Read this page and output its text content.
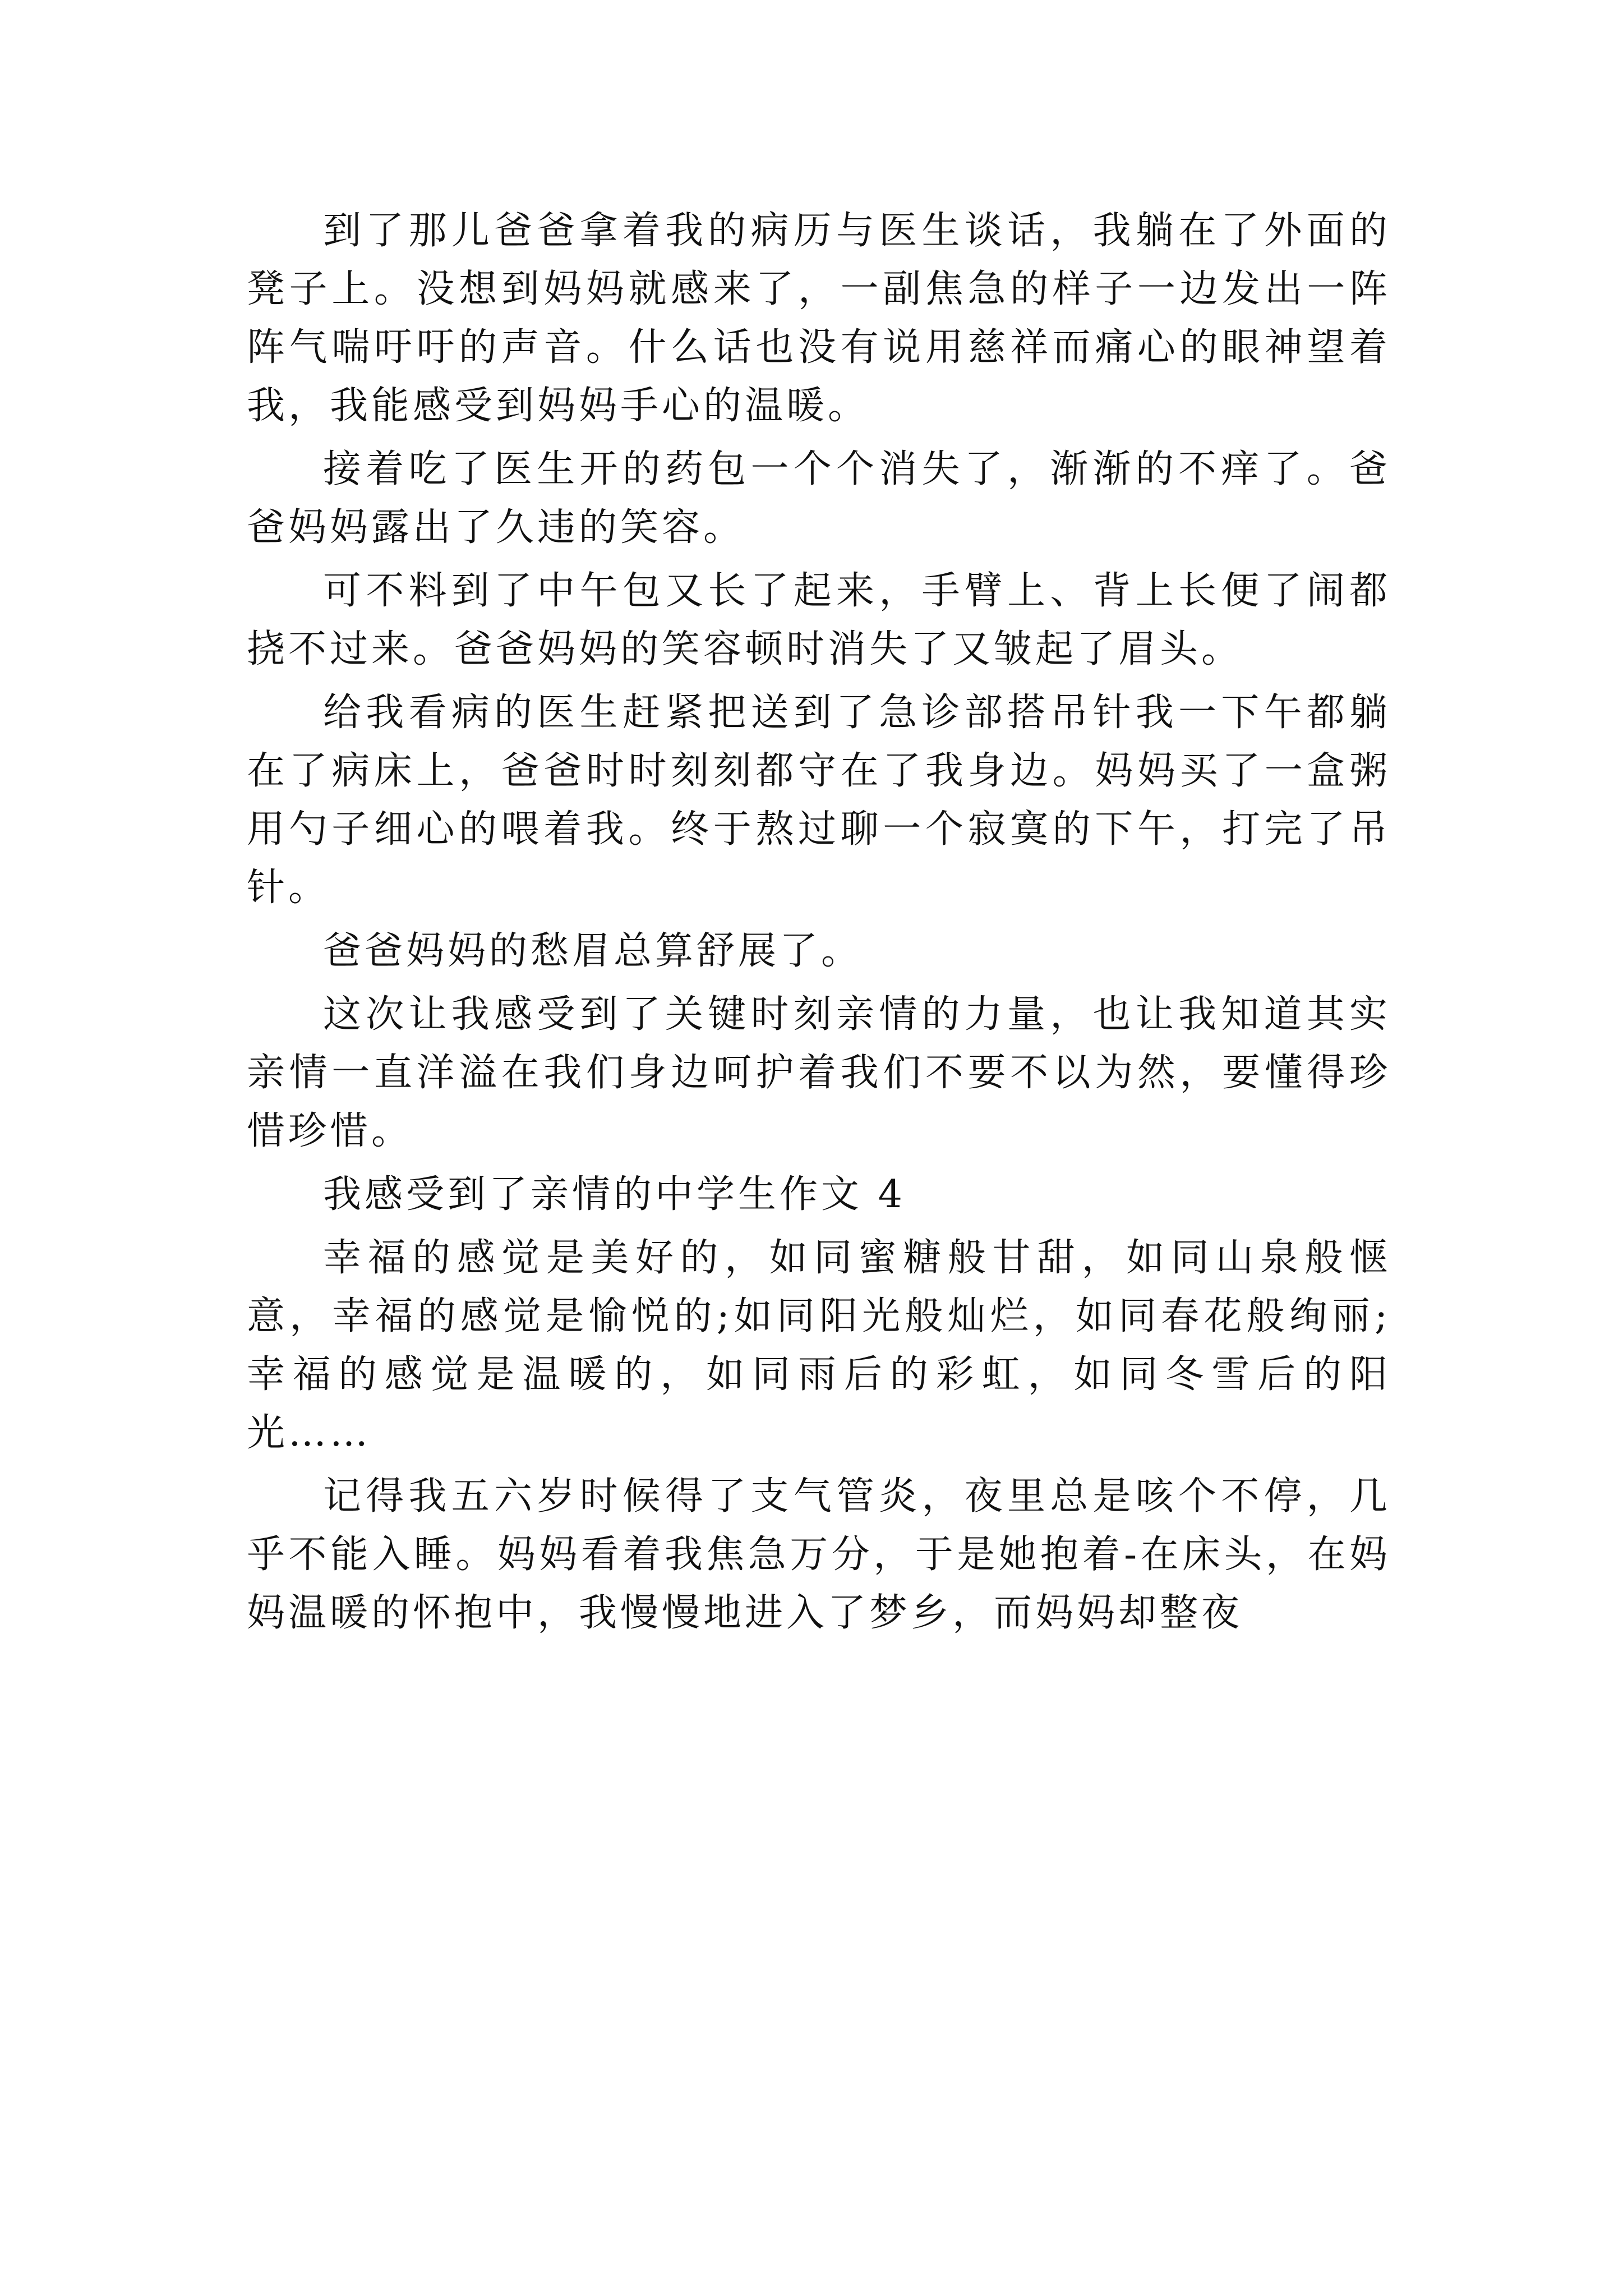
到了那儿爸爸拿着我的病历与医生谈话，我躺在了外面的凳子上。没想到妈妈就感来了，一副焦急的样子一边发出一阵阵气喘吁吁的声音。什么话也没有说用慈祥而痛心的眼神望着我，我能感受到妈妈手心的温暖。

接着吃了医生开的药包一个个消失了，渐渐的不痒了。爸爸妈妈露出了久违的笑容。

可不料到了中午包又长了起来，手臂上、背上长便了闹都挠不过来。爸爸妈妈的笑容顿时消失了又皱起了眉头。

给我看病的医生赶紧把送到了急诊部搭吊针我一下午都躺在了病床上，爸爸时时刻刻都守在了我身边。妈妈买了一盒粥用勺子细心的喂着我。终于熬过聊一个寂寞的下午，打完了吊针。

爸爸妈妈的愁眉总算舒展了。

这次让我感受到了关键时刻亲情的力量，也让我知道其实亲情一直洋溢在我们身边呵护着我们不要不以为然，要懂得珍惜珍惜。

我感受到了亲情的中学生作文 4

幸福的感觉是美好的，如同蜜糖般甘甜，如同山泉般惬意，幸福的感觉是愉悦的;如同阳光般灿烂，如同春花般绚丽;幸福的感觉是温暖的，如同雨后的彩虹，如同冬雪后的阳光……

记得我五六岁时候得了支气管炎，夜里总是咳个不停，几乎不能入睡。妈妈看着我焦急万分，于是她抱着-在床头，在妈妈温暖的怀抱中，我慢慢地进入了梦乡，而妈妈却整夜
